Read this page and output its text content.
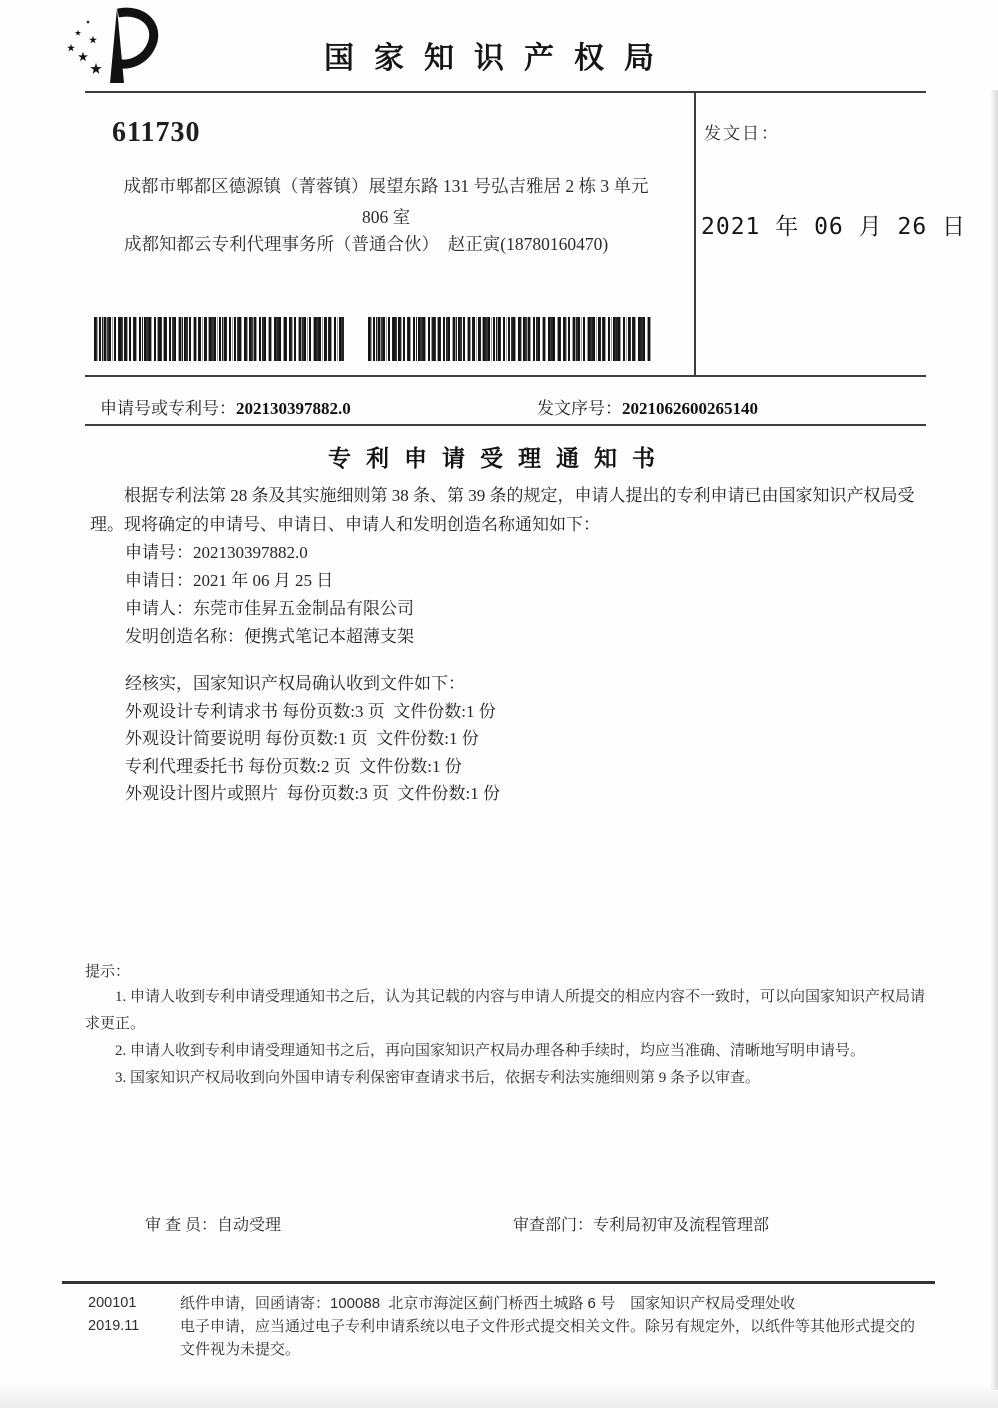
国家知识产权局
611730
成都市郫都区德源镇（菁蓉镇）展望东路 131 号弘吉雅居 2 栋 3 单元
806 室
成都知都云专利代理事务所（普通合伙）  赵正寅(18780160470)
发文日：
2021 年 06 月 26 日
申请号或专利号：202130397882.0	发文序号：2021062600265140
专利申请受理通知书
根据专利法第 28 条及其实施细则第 38 条、第 39 条的规定，申请人提出的专利申请已由国家知识产权局受理。现将确定的申请号、申请日、申请人和发明创造名称通知如下：
申请号：202130397882.0
申请日：2021 年 06 月 25 日
申请人：东莞市佳昇五金制品有限公司
发明创造名称：便携式笔记本超薄支架
经核实，国家知识产权局确认收到文件如下：
外观设计专利请求书 每份页数:3 页  文件份数:1 份
外观设计简要说明 每份页数:1 页  文件份数:1 份
专利代理委托书 每份页数:2 页  文件份数:1 份
外观设计图片或照片  每份页数:3 页  文件份数:1 份
提示：

1. 申请人收到专利申请受理通知书之后，认为其记载的内容与申请人所提交的相应内容不一致时，可以向国家知识产权局请求更正。

2. 申请人收到专利申请受理通知书之后，再向国家知识产权局办理各种手续时，均应当准确、清晰地写明申请号。

3. 国家知识产权局收到向外国申请专利保密审查请求书后，依据专利法实施细则第 9 条予以审查。

审 查 员：自动受理	审查部门：专利局初审及流程管理部
200101
2019.11

纸件申请，回函请寄：100088  北京市海淀区蓟门桥西土城路 6 号　国家知识产权局受理处收

电子申请，应当通过电子专利申请系统以电子文件形式提交相关文件。除另有规定外，以纸件等其他形式提交的文件视为未提交。
